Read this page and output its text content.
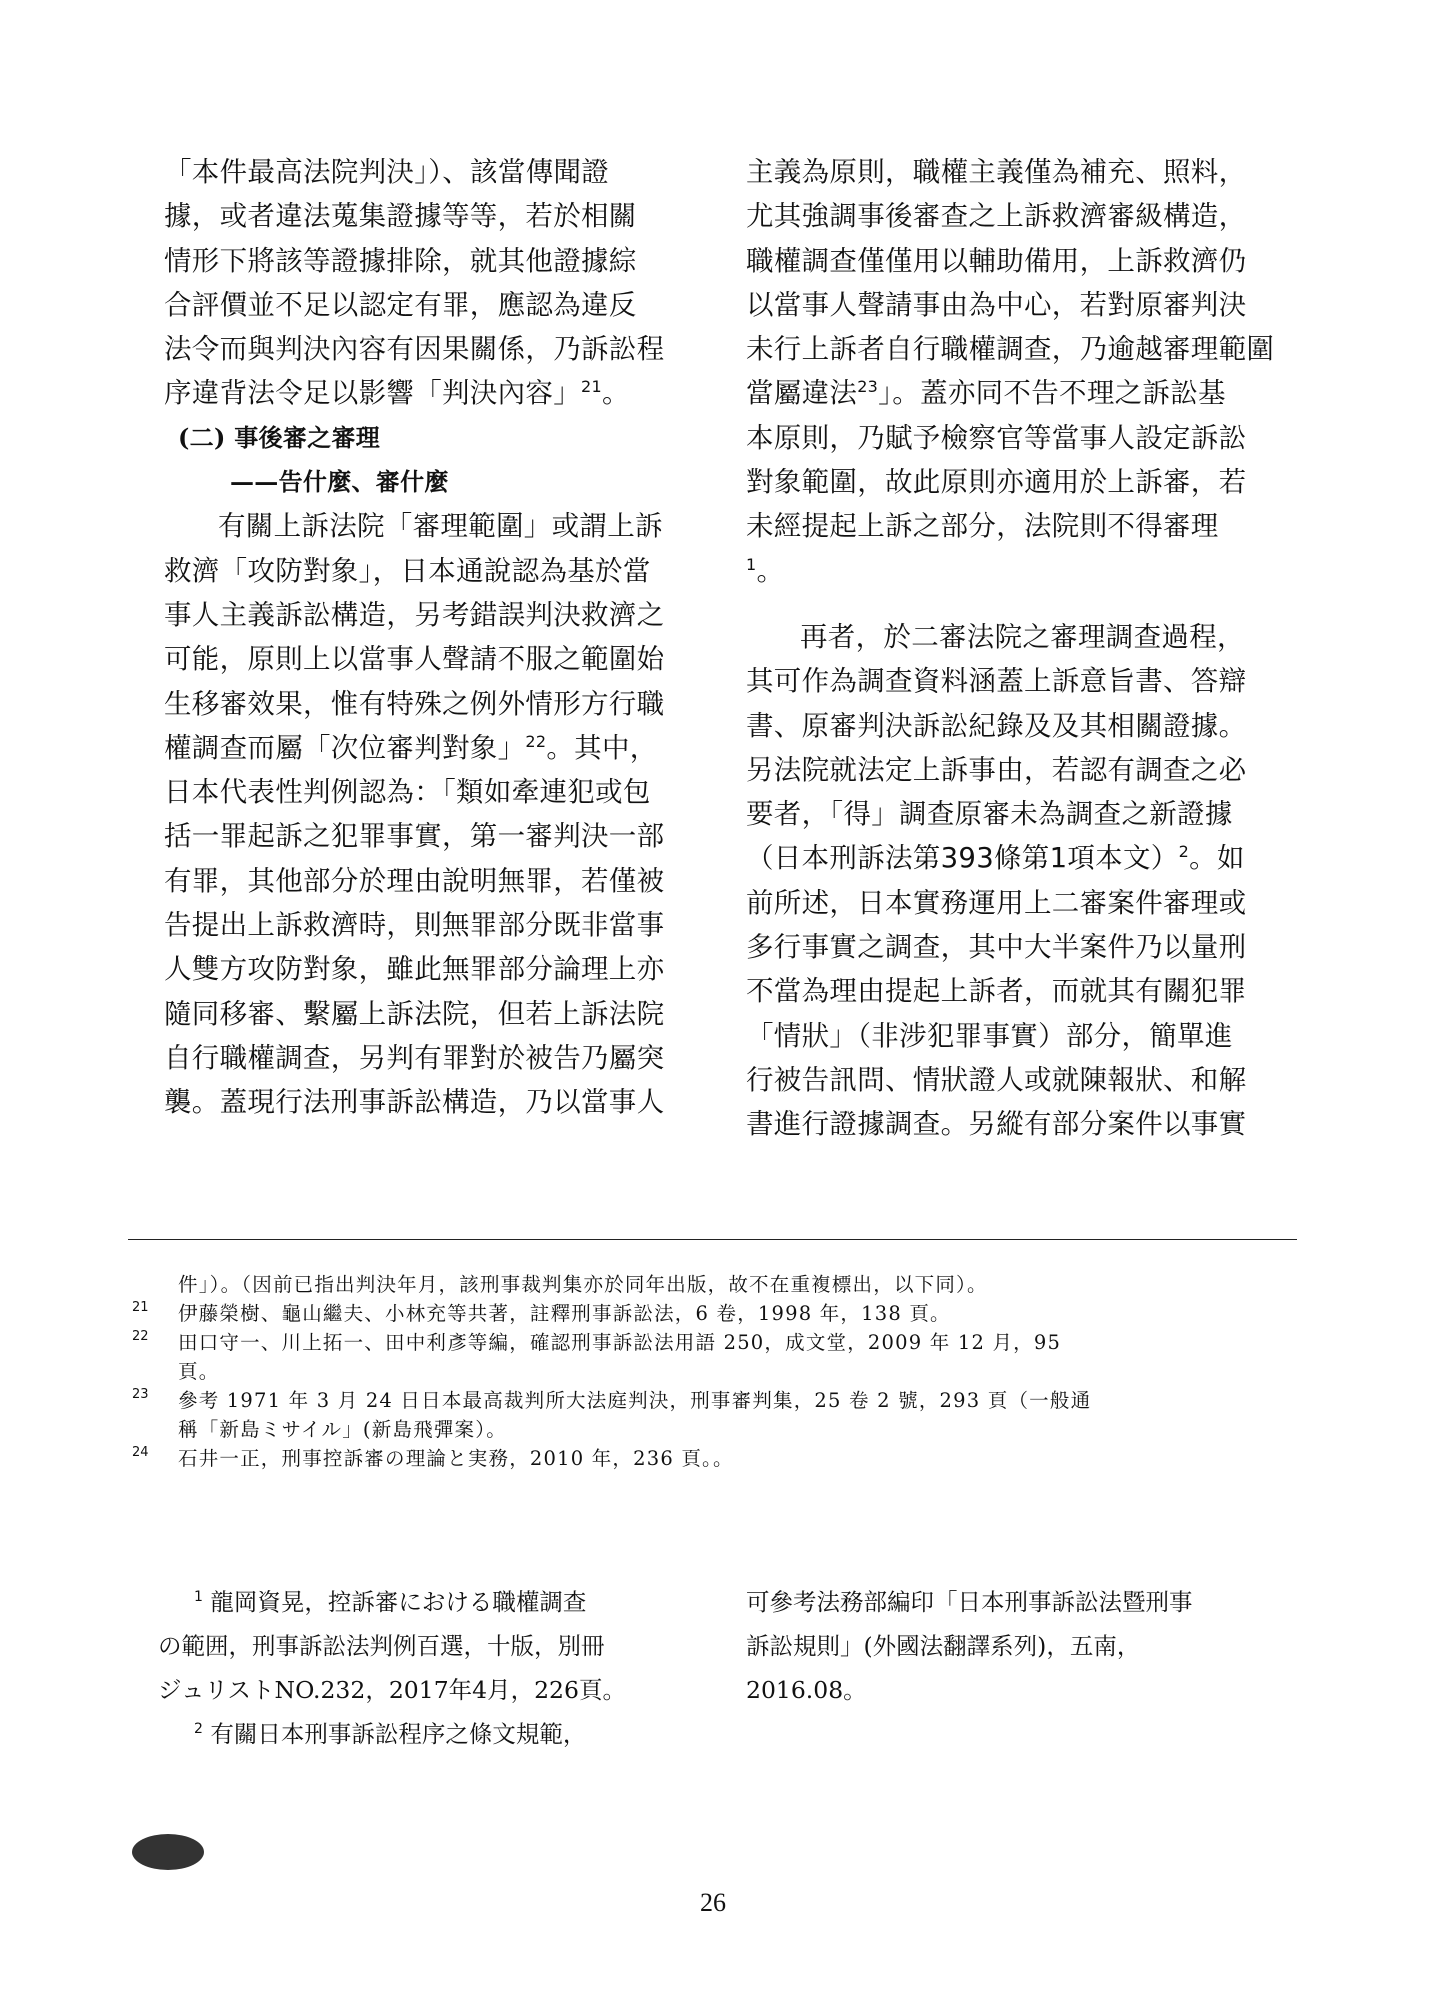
「本件最高法院判決」）、該當傳聞證
據，或者違法蒐集證據等等，若於相關
情形下將該等證據排除，就其他證據綜
合評價並不足以認定有罪，應認為違反
法令而與判決內容有因果關係，乃訴訟程
序違背法令足以影響「判決內容」$^{21}$。
(二) 事後審之審理
——告什麼、審什麼
有關上訴法院「審理範圍」或謂上訴
救濟「攻防對象」，日本通說認為基於當
事人主義訴訟構造，另考錯誤判決救濟之
可能，原則上以當事人聲請不服之範圍始
生移審效果，惟有特殊之例外情形方行職
權調查而屬「次位審判對象」$^{22}$。其中，
日本代表性判例認為：「類如牽連犯或包
括一罪起訴之犯罪事實，第一審判決一部
有罪，其他部分於理由說明無罪，若僅被
告提出上訴救濟時，則無罪部分既非當事
人雙方攻防對象，雖此無罪部分論理上亦
隨同移審、繫屬上訴法院，但若上訴法院
自行職權調查，另判有罪對於被告乃屬突
襲。蓋現行法刑事訴訟構造，乃以當事人
主義為原則，職權主義僅為補充、照料，
尤其強調事後審查之上訴救濟審級構造，
職權調查僅僅用以輔助備用，上訴救濟仍
以當事人聲請事由為中心，若對原審判決
未行上訴者自行職權調查，乃逾越審理範圍
當屬違法$^{23}$」。蓋亦同不告不理之訴訟基
本原則，乃賦予檢察官等當事人設定訴訟
對象範圍，故此原則亦適用於上訴審，若
未經提起上訴之部分，法院則不得審理
$^1$。
再者，於二審法院之審理調查過程，
其可作為調查資料涵蓋上訴意旨書、答辯
書、原審判決訴訟紀錄及及其相關證據。
另法院就法定上訴事由，若認有調查之必
要者，「得」調查原審未為調查之新證據
（日本刑訴法第393條第1項本文）$^2$。如
前所述，日本實務運用上二審案件審理或
多行事實之調查，其中大半案件乃以量刑
不當為理由提起上訴者，而就其有關犯罪
「情狀」（非涉犯罪事實）部分，簡單進
行被告訊問、情狀證人或就陳報狀、和解
書進行證據調查。另縱有部分案件以事實
件」）。（因前已指出判決年月，該刑事裁判集亦於同年出版，故不在重複標出，以下同）。
21 伊藤榮樹、龜山繼夫、小林充等共著，註釋刑事訴訟法，6 卷，1998 年，138 頁。
22 田口守一、川上拓一、田中利彥等編，確認刑事訴訟法用語 250，成文堂，2009 年 12 月，95
頁。
23 參考 1971 年 3 月 24 日日本最高裁判所大法庭判決，刑事審判集，25 卷 2 號，293 頁（一般通
稱「新島ミサイル」(新島飛彈案）。
24 石井一正，刑事控訴審の理論と実務，2010 年，236 頁。。
$^1$ 龍岡資晃，控訴審における職權調查
の範囲，刑事訴訟法判例百選，十版，別冊
ジュリストNO.232，2017年4月，226頁。
$^2$ 有關日本刑事訴訟程序之條文規範，
可參考法務部編印「日本刑事訴訟法暨刑事
訴訟規則」(外國法翻譯系列)，五南，
2016.08。
26
